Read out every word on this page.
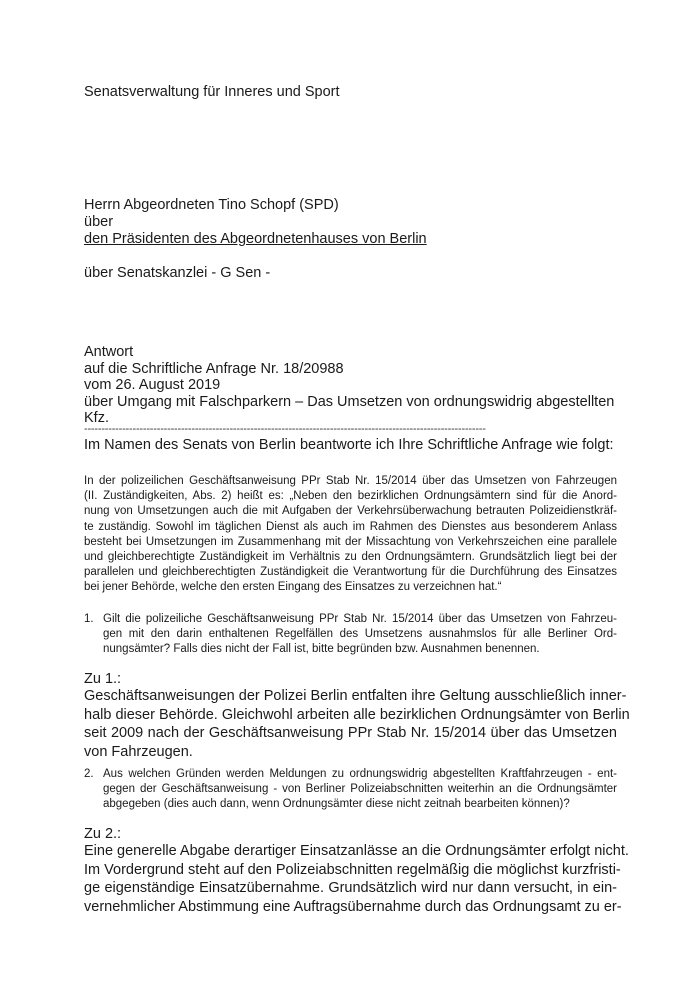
Senatsverwaltung für Inneres und Sport
Herrn Abgeordneten Tino Schopf (SPD)
über
den Präsidenten des Abgeordnetenhauses von Berlin
über Senatskanzlei - G Sen -
Antwort
auf die Schriftliche Anfrage Nr. 18/20988
vom 26. August 2019
über Umgang mit Falschparkern – Das Umsetzen von ordnungswidrig abgestellten
Kfz.
--------------------------------------------------------------------------------------------------------------------
Im Namen des Senats von Berlin beantworte ich Ihre Schriftliche Anfrage wie folgt:
In der polizeilichen Geschäftsanweisung PPr Stab Nr. 15/2014 über das Umsetzen von Fahrzeugen
(II. Zuständigkeiten, Abs. 2) heißt es: „Neben den bezirklichen Ordnungsämtern sind für die Anord-
nung von Umsetzungen auch die mit Aufgaben der Verkehrsüberwachung betrauten Polizeidienstkräf-
te zuständig. Sowohl im täglichen Dienst als auch im Rahmen des Dienstes aus besonderem Anlass
besteht bei Umsetzungen im Zusammenhang mit der Missachtung von Verkehrszeichen eine parallele
und gleichberechtigte Zuständigkeit im Verhältnis zu den Ordnungsämtern. Grundsätzlich liegt bei der
parallelen und gleichberechtigten Zuständigkeit die Verantwortung für die Durchführung des Einsatzes
bei jener Behörde, welche den ersten Eingang des Einsatzes zu verzeichnen hat.“
1. Gilt die polizeiliche Geschäftsanweisung PPr Stab Nr. 15/2014 über das Umsetzen von Fahrzeu-
gen mit den darin enthaltenen Regelfällen des Umsetzens ausnahmslos für alle Berliner Ord-
nungsämter? Falls dies nicht der Fall ist, bitte begründen bzw. Ausnahmen benennen.
Zu 1.:
Geschäftsanweisungen der Polizei Berlin entfalten ihre Geltung ausschließlich inner-
halb dieser Behörde. Gleichwohl arbeiten alle bezirklichen Ordnungsämter von Berlin
seit 2009 nach der Geschäftsanweisung PPr Stab Nr. 15/2014 über das Umsetzen
von Fahrzeugen.
2. Aus welchen Gründen werden Meldungen zu ordnungswidrig abgestellten Kraftfahrzeugen - ent-
gegen der Geschäftsanweisung - von Berliner Polizeiabschnitten weiterhin an die Ordnungsämter
abgegeben (dies auch dann, wenn Ordnungsämter diese nicht zeitnah bearbeiten können)?
Zu 2.:
Eine generelle Abgabe derartiger Einsatzanlässe an die Ordnungsämter erfolgt nicht.
Im Vordergrund steht auf den Polizeiabschnitten regelmäßig die möglichst kurzfristi-
ge eigenständige Einsatzübernahme. Grundsätzlich wird nur dann versucht, in ein-
vernehmlicher Abstimmung eine Auftragsübernahme durch das Ordnungsamt zu er-
